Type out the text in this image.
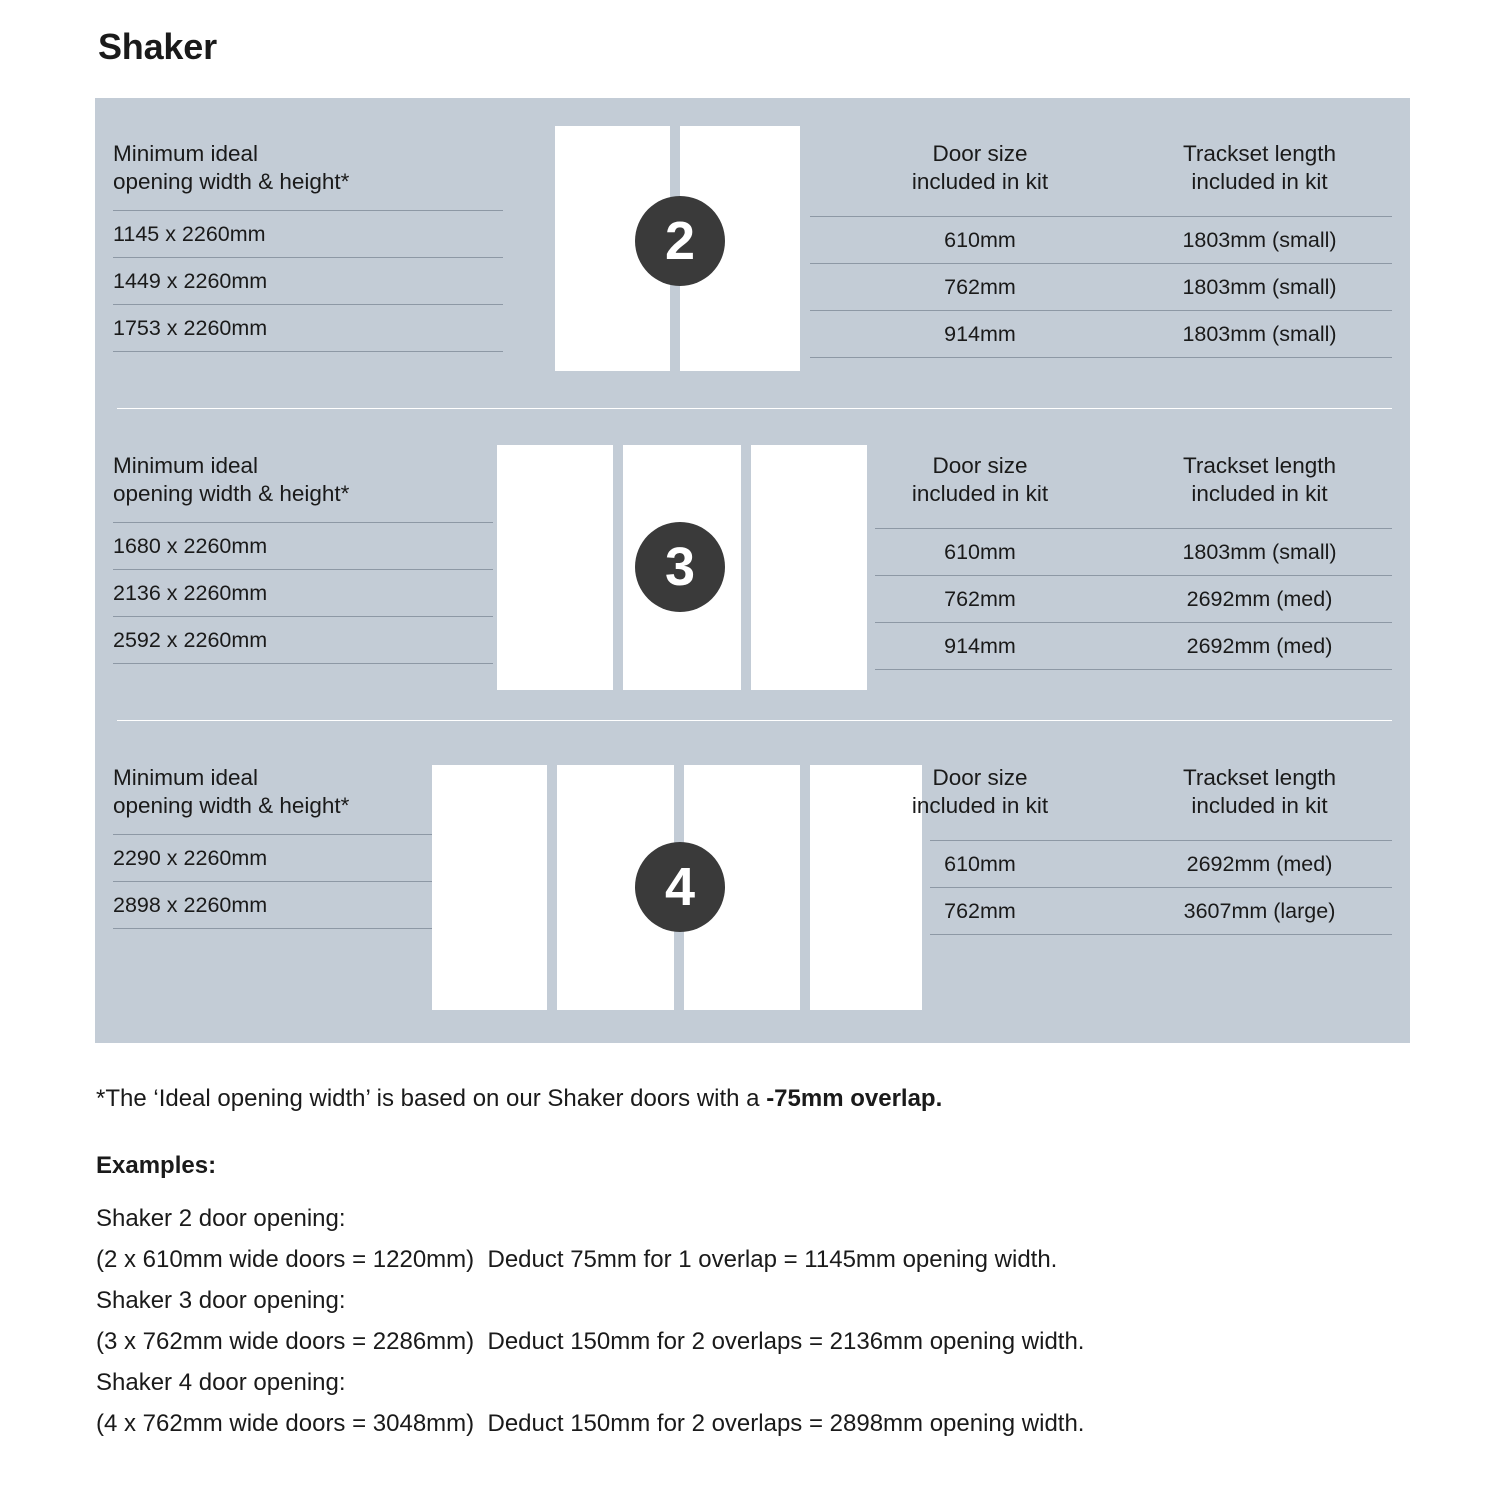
Shaker
Minimum ideal
opening width & height*
1145 x 2260mm
1449 x 2260mm
1753 x 2260mm
2
Door size
included in kit
Trackset length
included in kit
610mm	1803mm (small)
762mm	1803mm (small)
914mm	1803mm (small)
Minimum ideal
opening width & height*
1680 x 2260mm
2136 x 2260mm
2592 x 2260mm
3
Door size
included in kit
Trackset length
included in kit
610mm	1803mm (small)
762mm	2692mm (med)
914mm	2692mm (med)
Minimum ideal
opening width & height*
2290 x 2260mm
2898 x 2260mm	4
Door size
included in kit
Trackset length
included in kit
610mm	2692mm (med)
762mm	3607mm (large)
*The ‘Ideal opening width’ is based on our Shaker doors with a -75mm overlap.
Examples:
Shaker 2 door opening:
(2 x 610mm wide doors = 1220mm)  Deduct 75mm for 1 overlap = 1145mm opening width.
Shaker 3 door opening:
(3 x 762mm wide doors = 2286mm)  Deduct 150mm for 2 overlaps = 2136mm opening width.
Shaker 4 door opening:
(4 x 762mm wide doors = 3048mm)  Deduct 150mm for 2 overlaps = 2898mm opening width.
